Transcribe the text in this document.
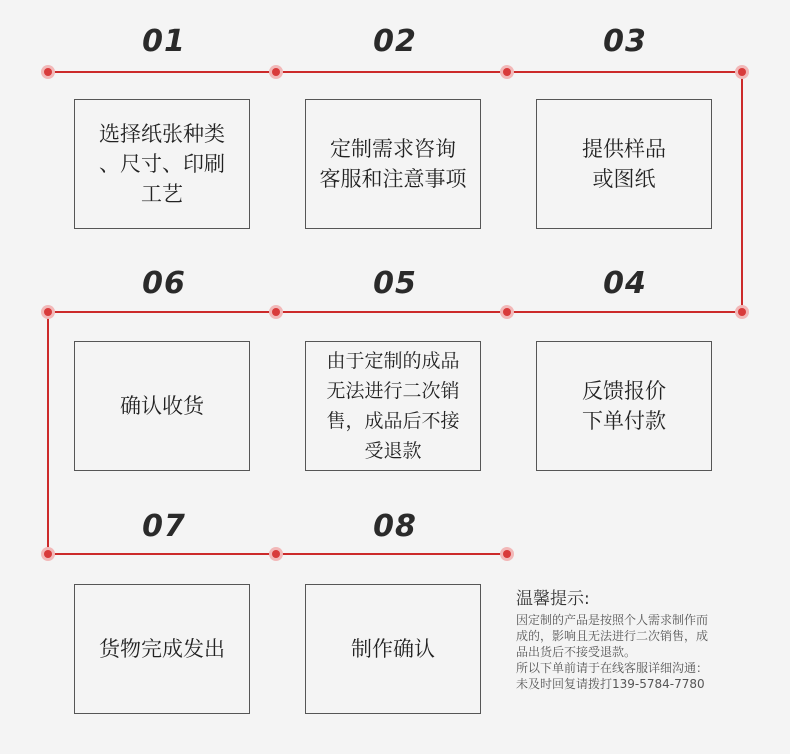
01	02	03
06	05	04
07	08
选择纸张种类
、尺寸、印刷
工艺
定制需求咨询
客服和注意事项
提供样品
或图纸
确认收货
由于定制的成品
无法进行二次销
售，成品后不接
受退款
反馈报价
下单付款
货物完成发出	制作确认
温馨提示:
因定制的产品是按照个人需求制作而
成的，影响且无法进行二次销售，成
品出货后不接受退款。
所以下单前请于在线客服详细沟通：
未及时回复请拨打139-5784-7780
